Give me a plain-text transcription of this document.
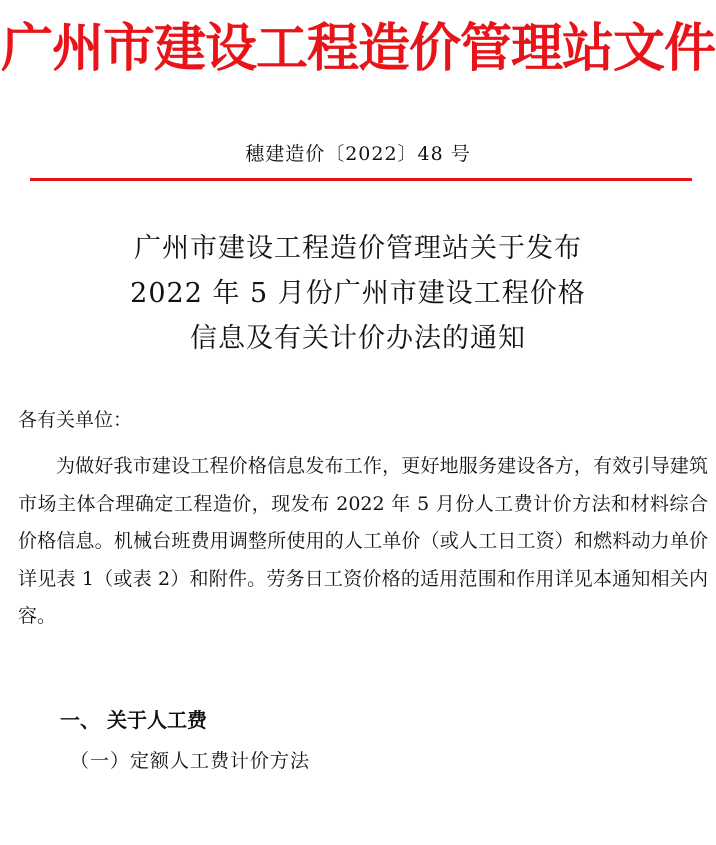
广州市建设工程造价管理站文件
穗建造价〔2022〕48 号
广州市建设工程造价管理站关于发布
2022 年 5 月份广州市建设工程价格
信息及有关计价办法的通知
各有关单位：
为做好我市建设工程价格信息发布工作，更好地服务建设各方，有效引导建筑市场主体合理确定工程造价，现发布 2022 年 5 月份人工费计价方法和材料综合价格信息。机械台班费用调整所使用的人工单价（或人工日工资）和燃料动力单价详见表 1（或表 2）和附件。劳务日工资价格的适用范围和作用详见本通知相关内容。
一、 关于人工费
（一）定额人工费计价方法
